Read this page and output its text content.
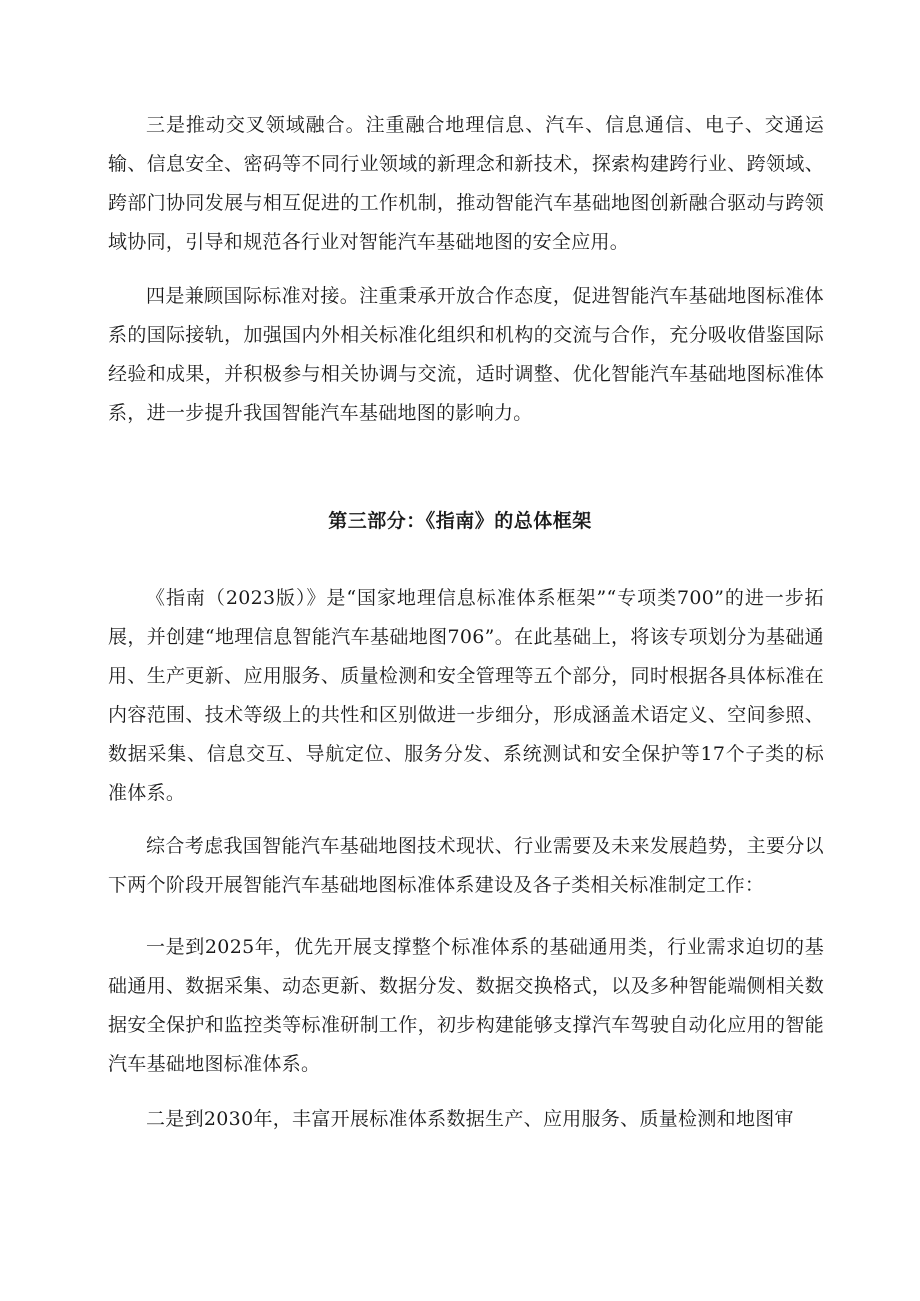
三是推动交叉领域融合。注重融合地理信息、汽车、信息通信、电子、交通运输、信息安全、密码等不同行业领域的新理念和新技术，探索构建跨行业、跨领域、跨部门协同发展与相互促进的工作机制，推动智能汽车基础地图创新融合驱动与跨领域协同，引导和规范各行业对智能汽车基础地图的安全应用。

四是兼顾国际标准对接。注重秉承开放合作态度，促进智能汽车基础地图标准体系的国际接轨，加强国内外相关标准化组织和机构的交流与合作，充分吸收借鉴国际经验和成果，并积极参与相关协调与交流，适时调整、优化智能汽车基础地图标准体系，进一步提升我国智能汽车基础地图的影响力。

第三部分：《指南》的总体框架

《指南（2023版）》是“国家地理信息标准体系框架”“专项类700”的进一步拓展，并创建“地理信息智能汽车基础地图706”。在此基础上，将该专项划分为基础通用、生产更新、应用服务、质量检测和安全管理等五个部分，同时根据各具体标准在内容范围、技术等级上的共性和区别做进一步细分，形成涵盖术语定义、空间参照、数据采集、信息交互、导航定位、服务分发、系统测试和安全保护等17个子类的标准体系。

综合考虑我国智能汽车基础地图技术现状、行业需要及未来发展趋势，主要分以下两个阶段开展智能汽车基础地图标准体系建设及各子类相关标准制定工作：

一是到2025年，优先开展支撑整个标准体系的基础通用类，行业需求迫切的基础通用、数据采集、动态更新、数据分发、数据交换格式，以及多种智能端侧相关数据安全保护和监控类等标准研制工作，初步构建能够支撑汽车驾驶自动化应用的智能汽车基础地图标准体系。

二是到2030年，丰富开展标准体系数据生产、应用服务、质量检测和地图审
